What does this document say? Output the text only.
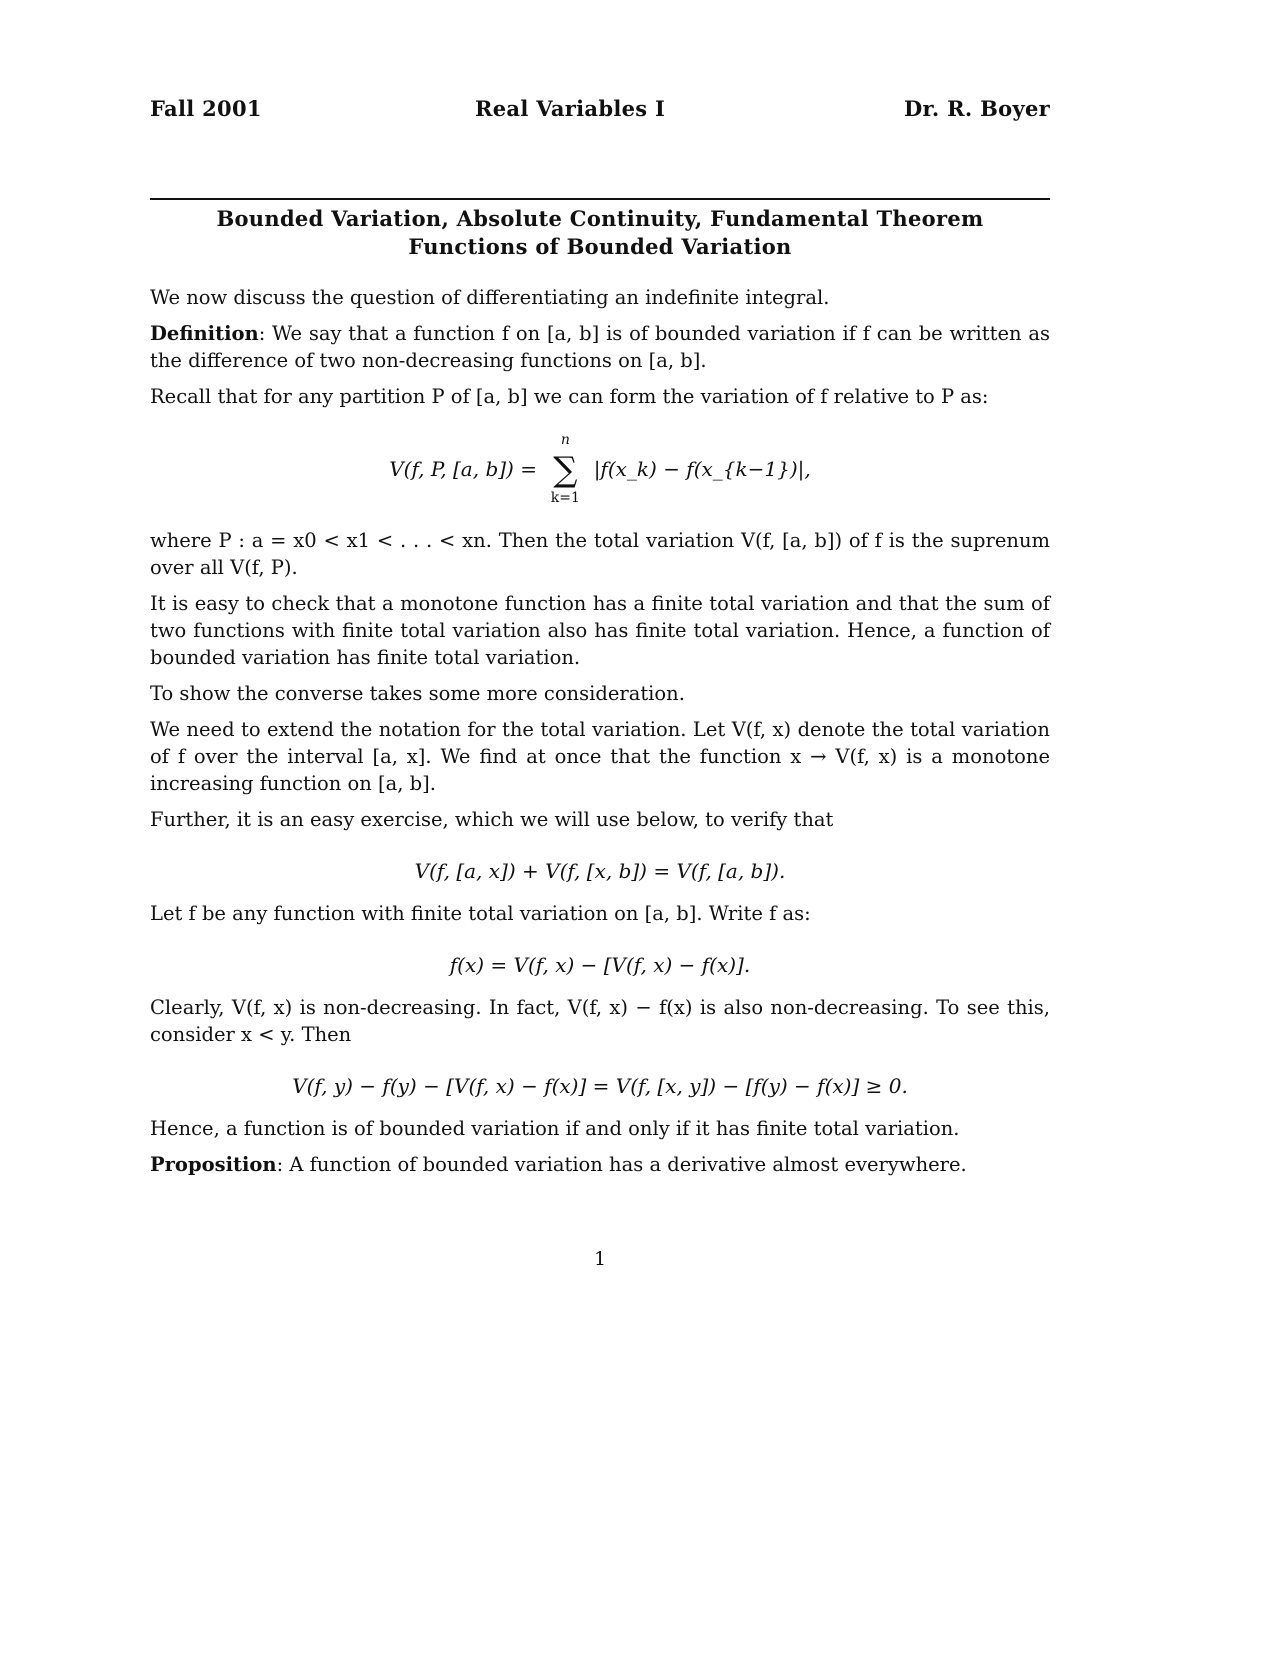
Fall 2001	Real Variables I	Dr. R. Boyer
Bounded Variation, Absolute Continuity, Fundamental Theorem
Functions of Bounded Variation

We now discuss the question of differentiating an indefinite integral.

Definition: We say that a function f on [a, b] is of bounded variation if f can be written as the difference of two non-decreasing functions on [a, b].

Recall that for any partition P of [a, b] we can form the variation of f relative to P as:

V(f, P, [a, b]) =
n
∑
k=1
|f(x_k) − f(x_{k−1})|,

where P : a = x0 < x1 < . . . < xn. Then the total variation V(f, [a, b]) of f is the suprenum over all V(f, P).

It is easy to check that a monotone function has a finite total variation and that the sum of two functions with finite total variation also has finite total variation. Hence, a function of bounded variation has finite total variation.

To show the converse takes some more consideration.

We need to extend the notation for the total variation. Let V(f, x) denote the total variation of f over the interval [a, x]. We find at once that the function x → V(f, x) is a monotone increasing function on [a, b].

Further, it is an easy exercise, which we will use below, to verify that

V(f, [a, x]) + V(f, [x, b]) = V(f, [a, b]).

Let f be any function with finite total variation on [a, b]. Write f as:

f(x) = V(f, x) − [V(f, x) − f(x)].

Clearly, V(f, x) is non-decreasing. In fact, V(f, x) − f(x) is also non-decreasing. To see this, consider x < y. Then

V(f, y) − f(y) − [V(f, x) − f(x)] = V(f, [x, y]) − [f(y) − f(x)] ≥ 0.

Hence, a function is of bounded variation if and only if it has finite total variation.

Proposition: A function of bounded variation has a derivative almost everywhere.

1
